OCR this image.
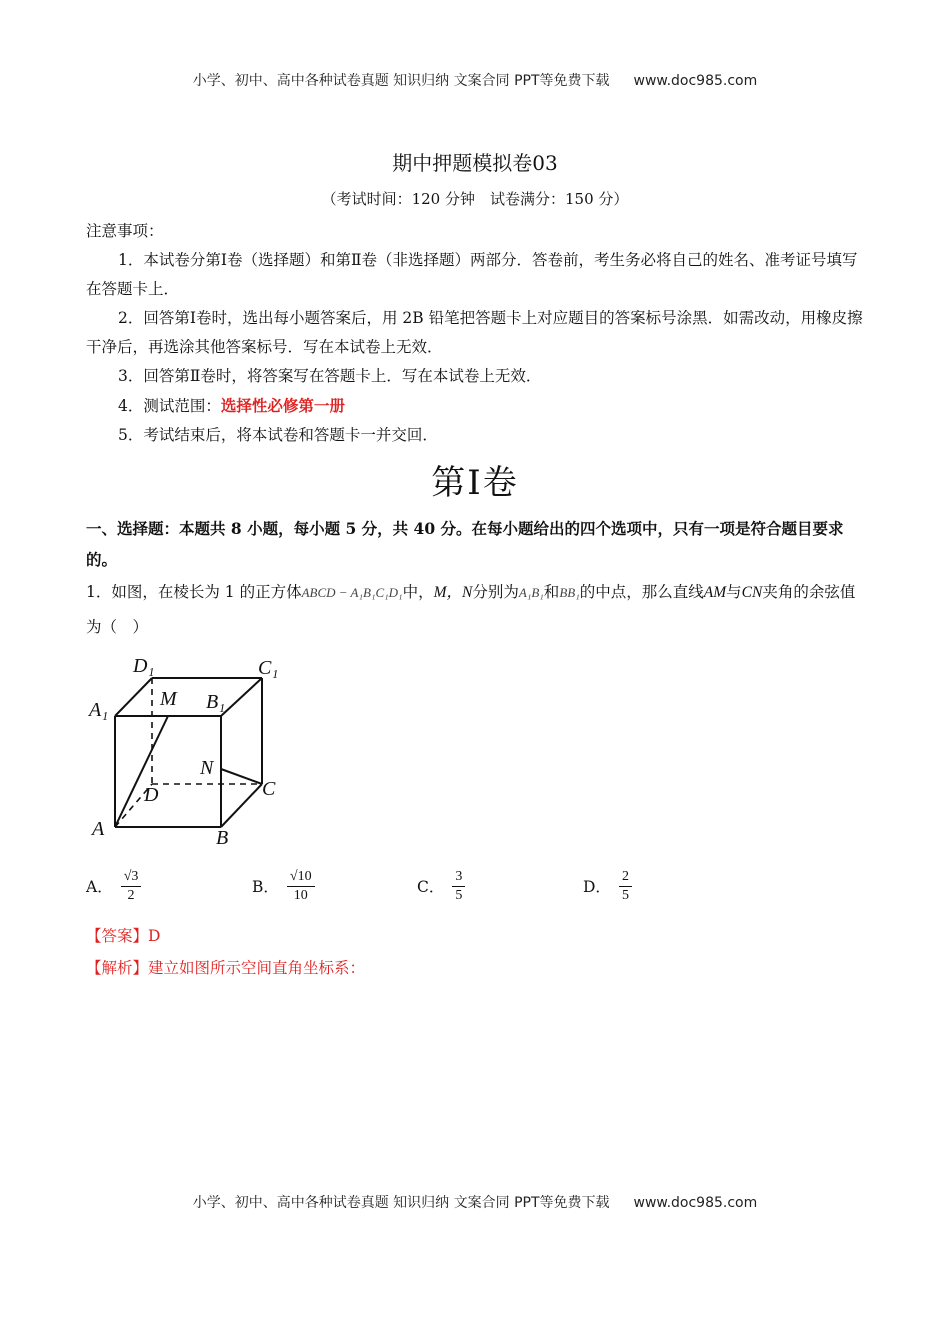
小学、初中、高中各种试卷真题 知识归纳 文案合同 PPT等免费下载 www.doc985.com
期中押题模拟卷03
（考试时间：120 分钟　试卷满分：150 分）
注意事项：
1．本试卷分第Ⅰ卷（选择题）和第Ⅱ卷（非选择题）两部分．答卷前，考生务必将自己的姓名、准考证号填写在答题卡上．
2．回答第Ⅰ卷时，选出每小题答案后，用 2B 铅笔把答题卡上对应题目的答案标号涂黑．如需改动，用橡皮擦干净后，再选涂其他答案标号．写在本试卷上无效．
3．回答第Ⅱ卷时，将答案写在答题卡上．写在本试卷上无效．
4．测试范围：选择性必修第一册
5．考试结束后，将本试卷和答题卡一并交回．
第Ⅰ卷
一、选择题：本题共 8 小题，每小题 5 分，共 40 分。在每小题给出的四个选项中，只有一项是符合题目要求的。
1．如图，在棱长为 1 的正方体ABCD − A₁B₁C₁D₁中，M，N分别为A₁B₁和BB₁的中点，那么直线AM与CN夹角的余弦值为（　）
D₁	C₁
A₁	M B₁
N
D	C
A	B
A． $\frac{√3}{2}$	B． $\frac{√10}{10}$	C． $\frac{3}{5}$	D． $\frac{2}{5}$
【答案】D
【解析】建立如图所示空间直角坐标系：
小学、初中、高中各种试卷真题 知识归纳 文案合同 PPT等免费下载 www.doc985.com
